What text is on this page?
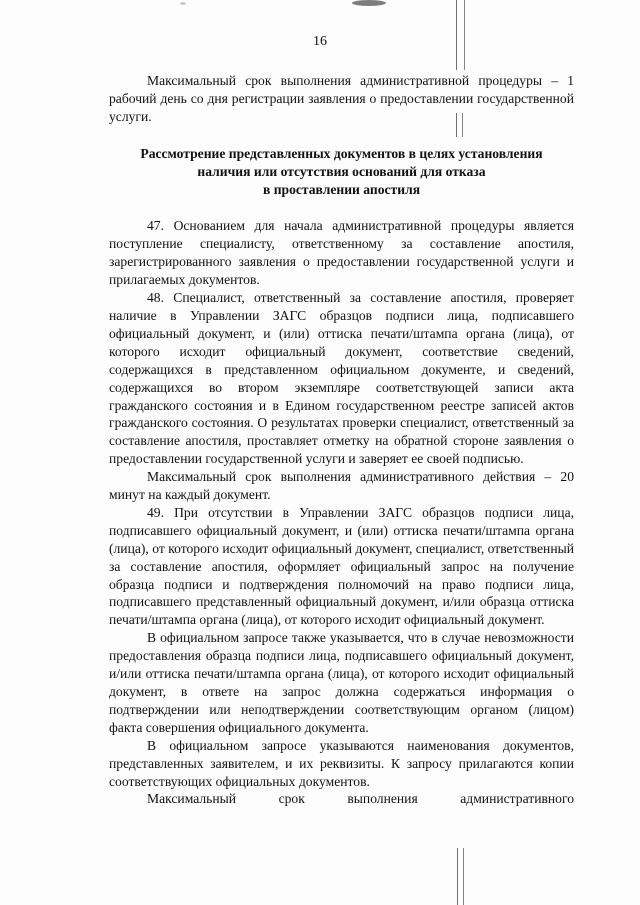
16

Максимальный срок выполнения административной процедуры – 1 рабочий день со дня регистрации заявления о предоставлении государственной услуги.

Рассмотрение представленных документов в целях установления
наличия или отсутствия оснований для отказа
в проставлении апостиля

47. Основанием для начала административной процедуры является поступление специалисту, ответственному за составление апостиля, зарегистрированного заявления о предоставлении государственной услуги и прилагаемых документов.

48. Специалист, ответственный за составление апостиля, проверяет наличие в Управлении ЗАГС образцов подписи лица, подписавшего официальный документ, и (или) оттиска печати/штампа органа (лица), от которого исходит официальный документ, соответствие сведений, содержащихся в представленном официальном документе, и сведений, содержащихся во втором экземпляре соответствующей записи акта гражданского состояния и в Едином государственном реестре записей актов гражданского состояния. О результатах проверки специалист, ответственный за составление апостиля, проставляет отметку на обратной стороне заявления о предоставлении государственной услуги и заверяет ее своей подписью.

Максимальный срок выполнения административного действия – 20 минут на каждый документ.

49. При отсутствии в Управлении ЗАГС образцов подписи лица, подписавшего официальный документ, и (или) оттиска печати/штампа органа (лица), от которого исходит официальный документ, специалист, ответственный за составление апостиля, оформляет официальный запрос на получение образца подписи и подтверждения полномочий на право подписи лица, подписавшего представленный официальный документ, и/или образца оттиска печати/штампа органа (лица), от которого исходит официальный документ.

В официальном запросе также указывается, что в случае невозможности предоставления образца подписи лица, подписавшего официальный документ, и/или оттиска печати/штампа органа (лица), от которого исходит официальный документ, в ответе на запрос должна содержаться информация о подтверждении или неподтверждении соответствующим органом (лицом) факта совершения официального документа.

В официальном запросе указываются наименования документов, представленных заявителем, и их реквизиты. К запросу прилагаются копии соответствующих официальных документов.

Максимальный срок выполнения административного
